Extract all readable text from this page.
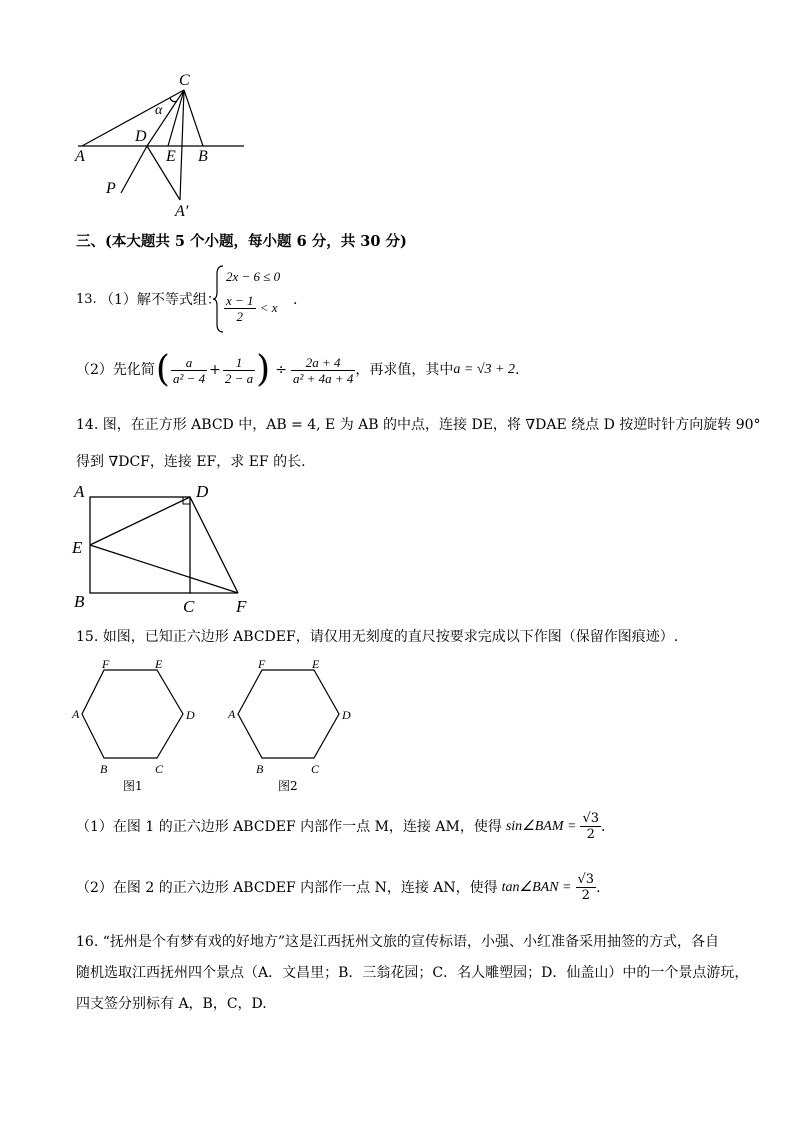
C
α
D
A	E B
P
A′
三、(本大题共 5 个小题，每小题 6 分，共 30 分)
13. （1）解不等式组：
2x − 6 ≤ 0
$\frac{x - 1}{2} < x$ .
（2）先化简 ( $\frac{a}{\text{a² − 4}} + \frac{1}{2 - a}$ ) ÷ $\frac{2a + 4}{\text{a² + 4a + 4}}$ ，再求值，其中 a = √3 + 2 .
14. 图，在正方形 ABCD 中，AB = 4, E 为 AB 的中点，连接 DE，将 ∇DAE 绕点 D 按逆时针方向旋转 90°
得到 ∇DCF，连接 EF，求 EF 的长.
A	D
E
B	C F
15. 如图，已知正六边形 ABCDEF，请仅用无刻度的直尺按要求完成以下作图（保留作图痕迹）.
F	E
A	D
B	C
图1
F	E
A	D
B	C
图2
（1）在图 1 的正六边形 ABCDEF 内部作一点 M，连接 AM，使得 sin∠BAM = $\frac{√3}{2}$ .
（2）在图 2 的正六边形 ABCDEF 内部作一点 N，连接 AN，使得 tan∠BAN = $\frac{√3}{2}$ .
16. “抚州是个有梦有戏的好地方”这是江西抚州文旅的宣传标语，小强、小红准备采用抽签的方式，各自
随机选取江西抚州四个景点（A．文昌里；B．三翁花园；C．名人雕塑园；D．仙盖山）中的一个景点游玩，
四支签分别标有 A，B，C，D.
